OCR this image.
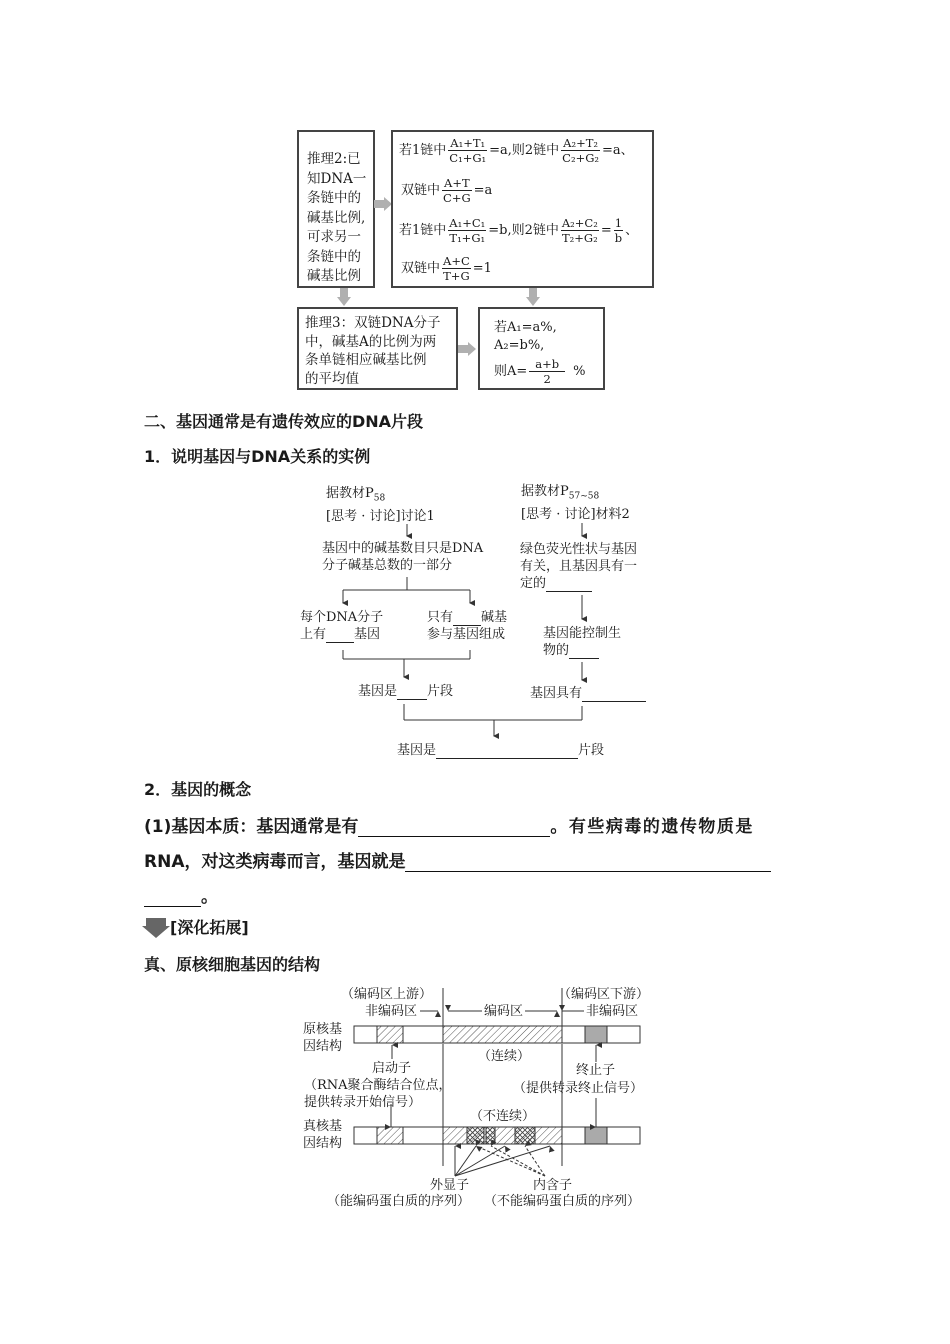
推理2:已
知DNA一
条链中的
碱基比例,
可求另一
条链中的
碱基比例
若1链中 $\frac{\text{A₁+T₁}}{\text{C₁+G₁}} =a$,则2链中 $\frac{\text{A₂+T₂}}{\text{C₂+G₂}} =a$、
双链中 $\frac{A+T}{C+G} =a$
若1链中 $\frac{\text{A₁+C₁}}{\text{T₁+G₁}} =b$,则2链中 $\frac{\text{A₂+C₂}}{\text{T₂+G₂}} = \frac{1}{b}$ 、
双链中 $\frac{A+C}{T+G} =1$
推理3：双链DNA分子
中，碱基A的比例为两
条单链相应碱基比例
的平均值
若A₁=a%,
A₂=b%,
则$A= \frac{a+b}{2}$ %
二、基因通常是有遗传效应的DNA片段
1．说明基因与DNA关系的实例
据教材$P_{58}$
[思考 · 讨论]讨论1
据教材$P_{57\sim 58}$
[思考 · 讨论]材料2
基因中的碱基数目只是DNA
分子碱基总数的一部分
每个DNA分子
上有 基因
只有 碱基
参与基因组成
基因是 片段
绿色荧光性状与基因
有关，且基因具有一
定的
基因能控制生
物的
基因具有
基因是	片段
2．基因的概念
(1)基因本质：基因通常是有	。有些病毒的遗传物质是
RNA，对这类病毒而言，基因就是
。
[深化拓展]
真、原核细胞基因的结构
（编码区上游）
编码区
（编码区下游）
非编码区	非编码区
原核基
因结构
启动子
（连续）
终止子
（RNA聚合酶结合位点，
提供转录开始信号）
（提供转录终止信号）
（不连续）
真核基
因结构
外显子	内含子
（能编码蛋白质的序列） （不能编码蛋白质的序列）
